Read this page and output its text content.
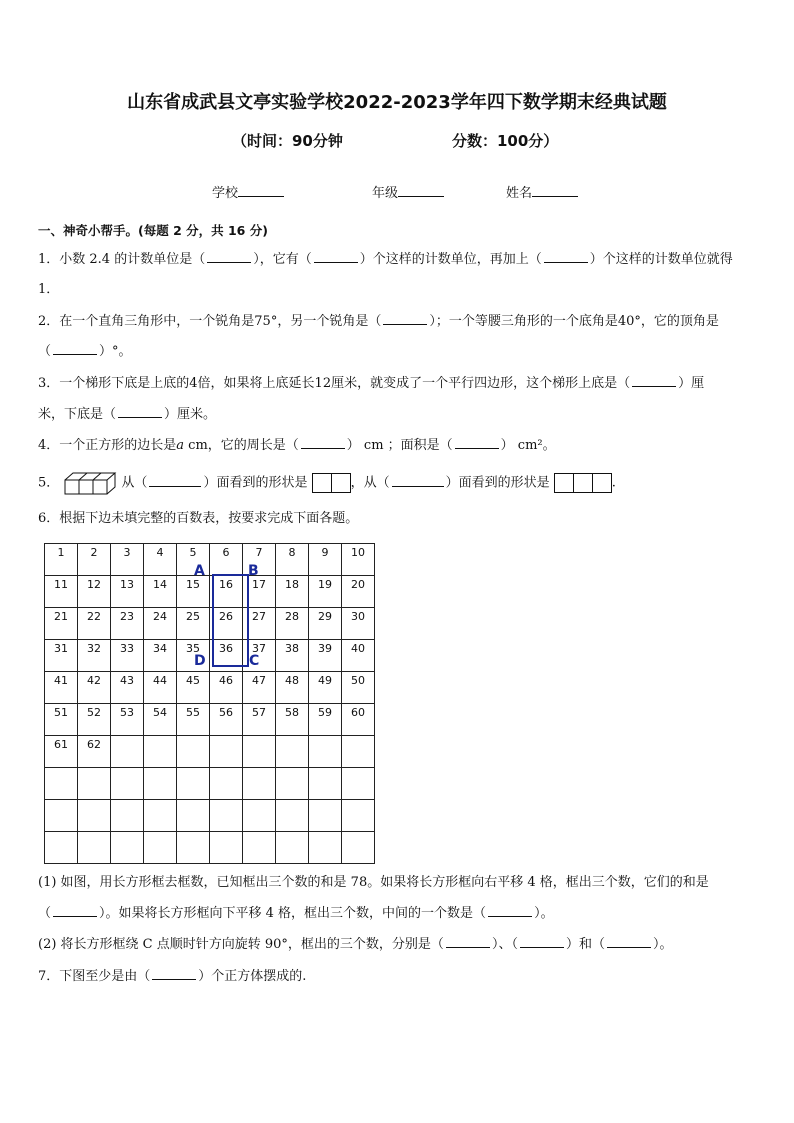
山东省成武县文亭实验学校2022-2023学年四下数学期末经典试题
（时间：90分钟	分数：100分）
学校	年级	姓名
一、神奇小帮手。(每题 2 分，共 16 分)
1．小数 2.4 的计数单位是（	），它有（	）个这样的计数单位，再加上（	）个这样的计数单位就得
1．
2．在一个直角三角形中，一个锐角是75°，另一个锐角是（	）；一个等腰三角形的一个底角是40°，它的顶角是
（	）°。
3．一个梯形下底是上底的4倍，如果将上底延长12厘米，就变成了一个平行四边形，这个梯形上底是（	）厘
米，下底是（	）厘米。
4．一个正方形的边长是a cm，它的周长是（	） cm ；面积是（	） cm²。
5．	从（	）面看到的形状是	，从（	）面看到的形状是	.
6．根据下边未填完整的百数表，按要求完成下面各题。
1	2	3	4	5	6	7	8	9	10
11	12	13	14	15	16	17	18	19	20
21	22	23	24	25	26	27	28	29	30
31	32	33	34	35	36	37	38	39	40
41	42	43	44	45	46	47	48	49	50
51	52	53	54	55	56	57	58	59	60
61	62								

A	B
C
D
(1) 如图，用长方形框去框数，已知框出三个数的和是 78。如果将长方形框向右平移 4 格，框出三个数，它们的和是
（	）。如果将长方形框向下平移 4 格，框出三个数，中间的一个数是（	）。
(2) 将长方形框绕 C 点顺时针方向旋转 90°，框出的三个数，分别是（	）、（	）和（	）。
7．下图至少是由（	）个正方体摆成的.
